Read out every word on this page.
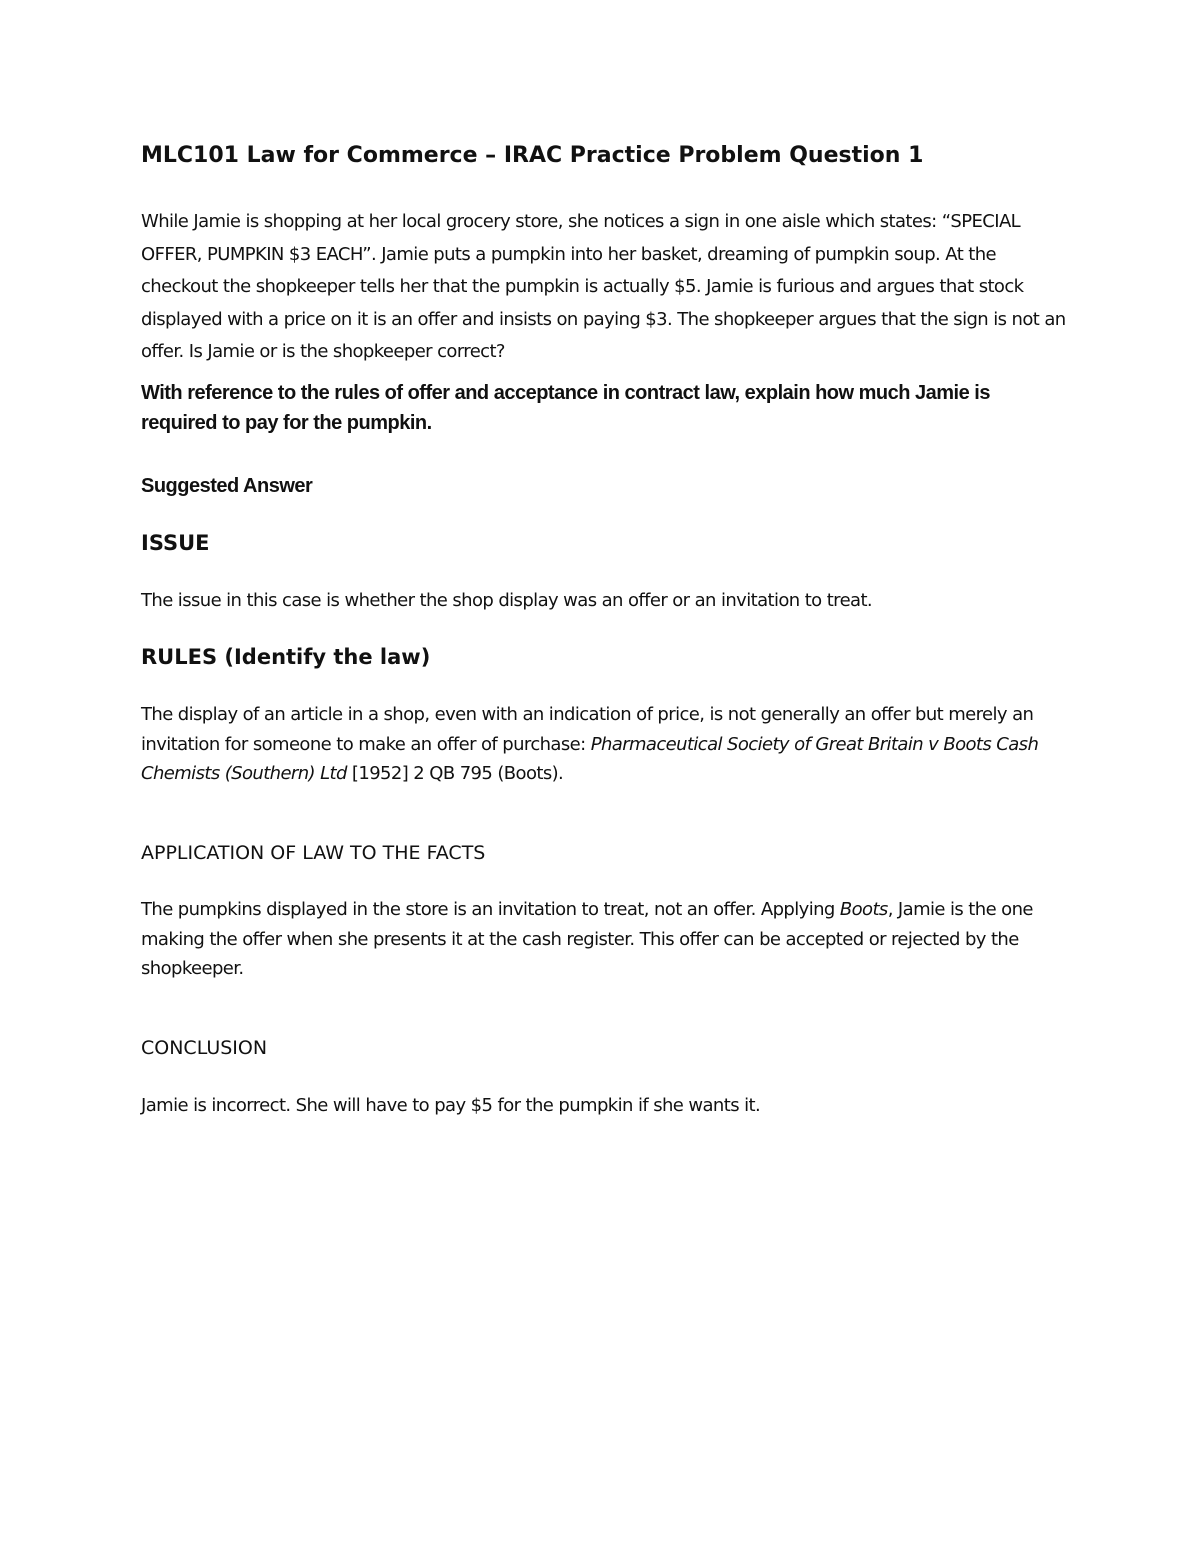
MLC101 Law for Commerce – IRAC Practice Problem Question 1

While Jamie is shopping at her local grocery store, she notices a sign in one aisle which states: “SPECIAL OFFER, PUMPKIN $3 EACH”. Jamie puts a pumpkin into her basket, dreaming of pumpkin soup. At the checkout the shopkeeper tells her that the pumpkin is actually $5. Jamie is furious and argues that stock displayed with a price on it is an offer and insists on paying $3. The shopkeeper argues that the sign is not an offer. Is Jamie or is the shopkeeper correct?

With reference to the rules of offer and acceptance in contract law, explain how much Jamie is required to pay for the pumpkin.

Suggested Answer
ISSUE
The issue in this case is whether the shop display was an offer or an invitation to treat.
RULES (Identify the law)

The display of an article in a shop, even with an indication of price, is not generally an offer but merely an invitation for someone to make an offer of purchase: Pharmaceutical Society of Great Britain v Boots Cash Chemists (Southern) Ltd [1952] 2 QB 795 (Boots).

APPLICATION OF LAW TO THE FACTS

The pumpkins displayed in the store is an invitation to treat, not an offer. Applying Boots, Jamie is the one making the offer when she presents it at the cash register. This offer can be accepted or rejected by the shopkeeper.

CONCLUSION
Jamie is incorrect. She will have to pay $5 for the pumpkin if she wants it.
